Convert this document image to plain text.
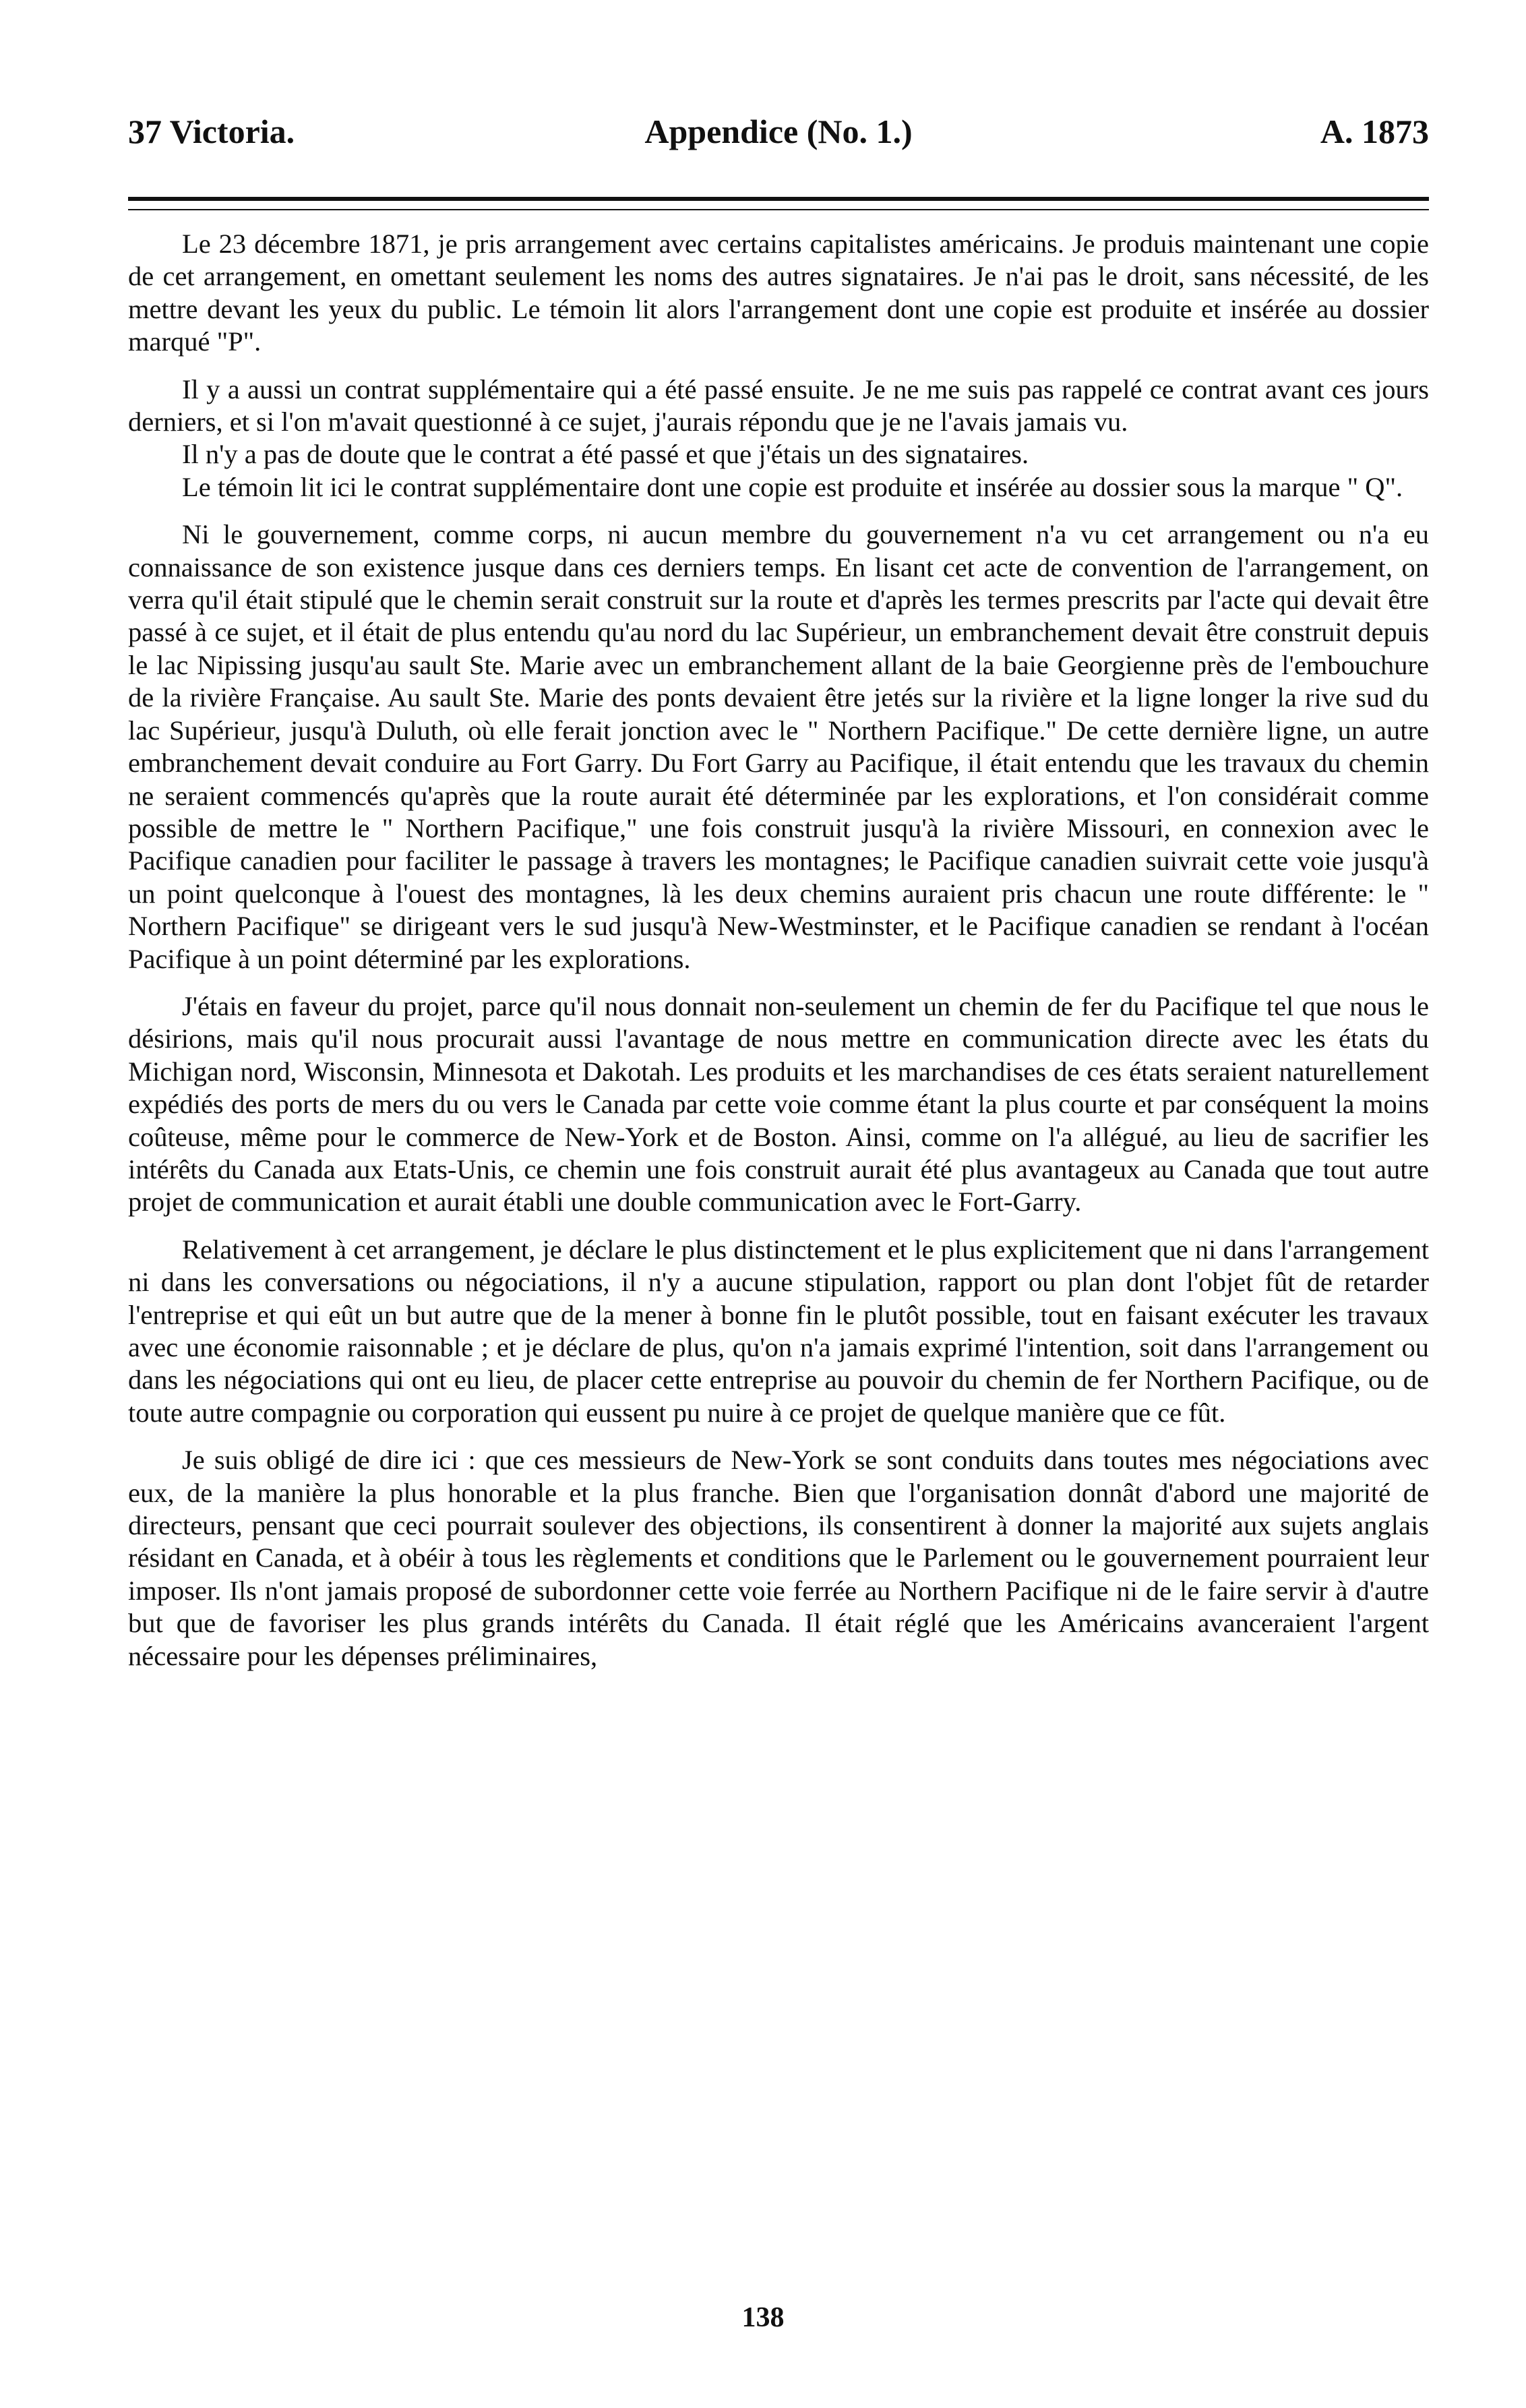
37 Victoria.	Appendice (No. 1.)	A. 1873

Le 23 décembre 1871, je pris arrangement avec certains capitalistes américains. Je produis maintenant une copie de cet arrangement, en omettant seulement les noms des autres signataires. Je n'ai pas le droit, sans nécessité, de les mettre devant les yeux du public. Le témoin lit alors l'arrangement dont une copie est produite et insérée au dossier marqué "P".

Il y a aussi un contrat supplémentaire qui a été passé ensuite. Je ne me suis pas rappelé ce contrat avant ces jours derniers, et si l'on m'avait questionné à ce sujet, j'aurais répondu que je ne l'avais jamais vu.

Il n'y a pas de doute que le contrat a été passé et que j'étais un des signataires.

Le témoin lit ici le contrat supplémentaire dont une copie est produite et insérée au dossier sous la marque " Q".

Ni le gouvernement, comme corps, ni aucun membre du gouvernement n'a vu cet arrangement ou n'a eu connaissance de son existence jusque dans ces derniers temps. En lisant cet acte de convention de l'arrangement, on verra qu'il était stipulé que le chemin serait construit sur la route et d'après les termes prescrits par l'acte qui devait être passé à ce sujet, et il était de plus entendu qu'au nord du lac Supérieur, un embranchement devait être construit depuis le lac Nipissing jusqu'au sault Ste. Marie avec un embranchement allant de la baie Georgienne près de l'embouchure de la rivière Française. Au sault Ste. Marie des ponts devaient être jetés sur la rivière et la ligne longer la rive sud du lac Supérieur, jusqu'à Duluth, où elle ferait jonction avec le " Northern Pacifique." De cette dernière ligne, un autre embranchement devait conduire au Fort Garry. Du Fort Garry au Pacifique, il était entendu que les travaux du chemin ne seraient commencés qu'après que la route aurait été déterminée par les explorations, et l'on considérait comme possible de mettre le " Northern Pacifique," une fois construit jusqu'à la rivière Missouri, en connexion avec le Pacifique canadien pour faciliter le passage à travers les montagnes; le Pacifique canadien suivrait cette voie jusqu'à un point quelconque à l'ouest des montagnes, là les deux chemins auraient pris chacun une route différente: le " Northern Pacifique" se dirigeant vers le sud jusqu'à New-Westminster, et le Pacifique canadien se rendant à l'océan Pacifique à un point déterminé par les explorations.

J'étais en faveur du projet, parce qu'il nous donnait non-seulement un chemin de fer du Pacifique tel que nous le désirions, mais qu'il nous procurait aussi l'avantage de nous mettre en communication directe avec les états du Michigan nord, Wisconsin, Minnesota et Dakotah. Les produits et les marchandises de ces états seraient naturellement expédiés des ports de mers du ou vers le Canada par cette voie comme étant la plus courte et par conséquent la moins coûteuse, même pour le commerce de New-York et de Boston. Ainsi, comme on l'a allégué, au lieu de sacrifier les intérêts du Canada aux Etats-Unis, ce chemin une fois construit aurait été plus avantageux au Canada que tout autre projet de communication et aurait établi une double communication avec le Fort-Garry.

Relativement à cet arrangement, je déclare le plus distinctement et le plus explicitement que ni dans l'arrangement ni dans les conversations ou négociations, il n'y a aucune stipulation, rapport ou plan dont l'objet fût de retarder l'entreprise et qui eût un but autre que de la mener à bonne fin le plutôt possible, tout en faisant exécuter les travaux avec une économie raisonnable ; et je déclare de plus, qu'on n'a jamais exprimé l'intention, soit dans l'arrangement ou dans les négociations qui ont eu lieu, de placer cette entreprise au pouvoir du chemin de fer Northern Pacifique, ou de toute autre compagnie ou corporation qui eussent pu nuire à ce projet de quelque manière que ce fût.

Je suis obligé de dire ici : que ces messieurs de New-York se sont conduits dans toutes mes négociations avec eux, de la manière la plus honorable et la plus franche. Bien que l'organisation donnât d'abord une majorité de directeurs, pensant que ceci pourrait soulever des objections, ils consentirent à donner la majorité aux sujets anglais résidant en Canada, et à obéir à tous les règlements et conditions que le Parlement ou le gouvernement pourraient leur imposer. Ils n'ont jamais proposé de subordonner cette voie ferrée au Northern Pacifique ni de le faire servir à d'autre but que de favoriser les plus grands intérêts du Canada. Il était réglé que les Américains avanceraient l'argent nécessaire pour les dépenses préliminaires,

138
